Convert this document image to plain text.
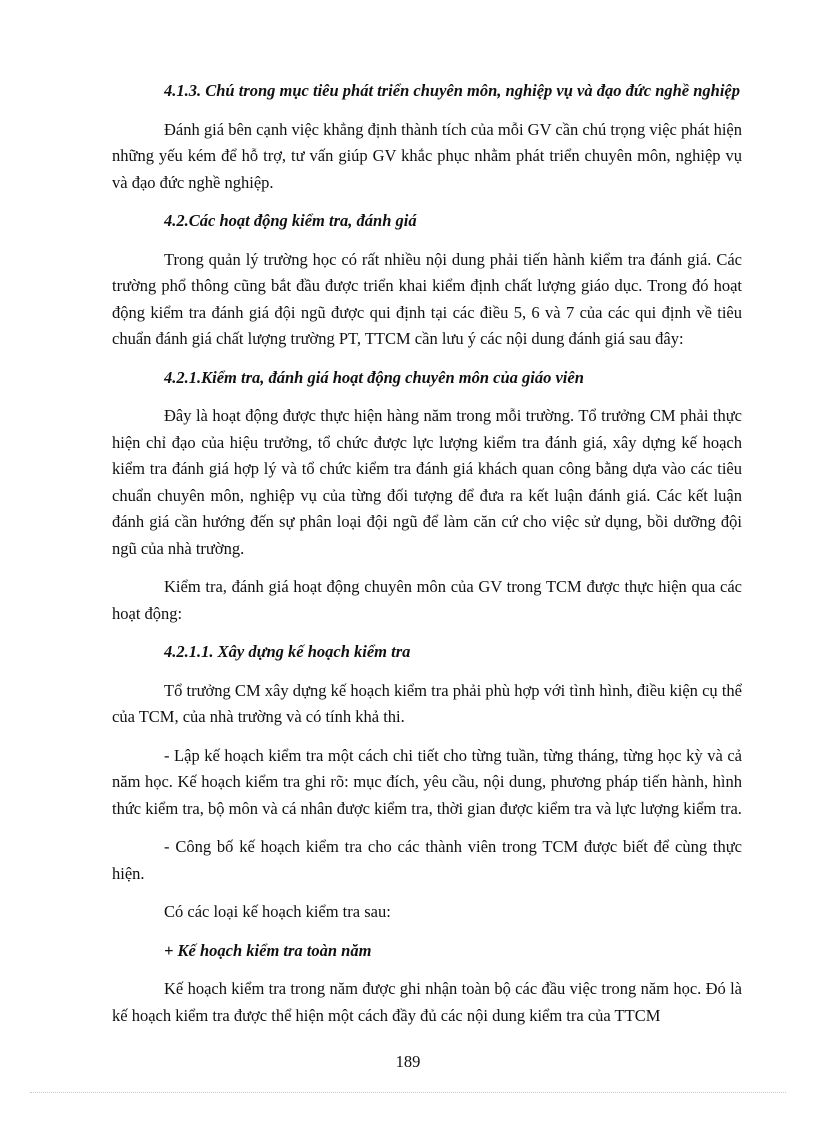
4.1.3. Chú trong mục tiêu phát triển chuyên môn, nghiệp vụ và đạo đức nghề nghiệp

Đánh giá bên cạnh việc khẳng định thành tích của mỗi GV cần chú trọng việc phát hiện những yếu kém để hỗ trợ, tư vấn giúp GV khắc phục nhằm phát triển chuyên môn, nghiệp vụ và đạo đức nghề nghiệp.

4.2.Các hoạt động kiểm tra, đánh giá

Trong quản lý trường học có rất nhiều nội dung phải tiến hành kiểm tra đánh giá. Các trường phổ thông cũng bắt đầu được triển khai kiểm định chất lượng giáo dục. Trong đó hoạt động kiểm tra đánh giá đội ngũ được qui định tại các điều 5, 6 và 7 của các qui định về tiêu chuẩn đánh giá chất lượng trường PT, TTCM cần lưu ý các nội dung đánh giá sau đây:

4.2.1.Kiểm tra, đánh giá hoạt động chuyên môn của giáo viên

Đây là hoạt động được thực hiện hàng năm trong mỗi trường. Tổ trưởng CM phải thực hiện chỉ đạo của hiệu trưởng, tổ chức được lực lượng kiểm tra đánh giá, xây dựng kế hoạch kiểm tra đánh giá hợp lý và tổ chức kiểm tra đánh giá khách quan công bằng dựa vào các tiêu chuẩn chuyên môn, nghiệp vụ của từng đối tượng để đưa ra kết luận đánh giá. Các kết luận đánh giá cần hướng đến sự phân loại đội ngũ để làm căn cứ cho việc sử dụng, bồi dưỡng đội ngũ của nhà trường.

Kiểm tra, đánh giá hoạt động chuyên môn của GV trong TCM được thực hiện qua các hoạt động:

4.2.1.1. Xây dựng kế hoạch kiểm tra

Tổ trưởng CM xây dựng kế hoạch kiểm tra phải phù hợp với tình hình, điều kiện cụ thể của TCM, của nhà trường và có tính khả thi.

- Lập kế hoạch kiểm tra một cách chi tiết cho từng tuần, từng tháng, từng học kỳ và cả năm học. Kế hoạch kiểm tra ghi rõ: mục đích, yêu cầu, nội dung, phương pháp tiến hành, hình thức kiểm tra, bộ môn và cá nhân được kiểm tra, thời gian được kiểm tra và lực lượng kiểm tra.

- Công bố kế hoạch kiểm tra cho các thành viên trong TCM được biết để cùng thực hiện.

Có các loại kế hoạch kiểm tra sau:

+ Kế hoạch kiểm tra toàn năm

Kế hoạch kiểm tra trong năm được ghi nhận toàn bộ các đầu việc trong năm học. Đó là kế hoạch kiểm tra được thể hiện một cách đầy đủ các nội dung kiểm tra của TTCM

189
